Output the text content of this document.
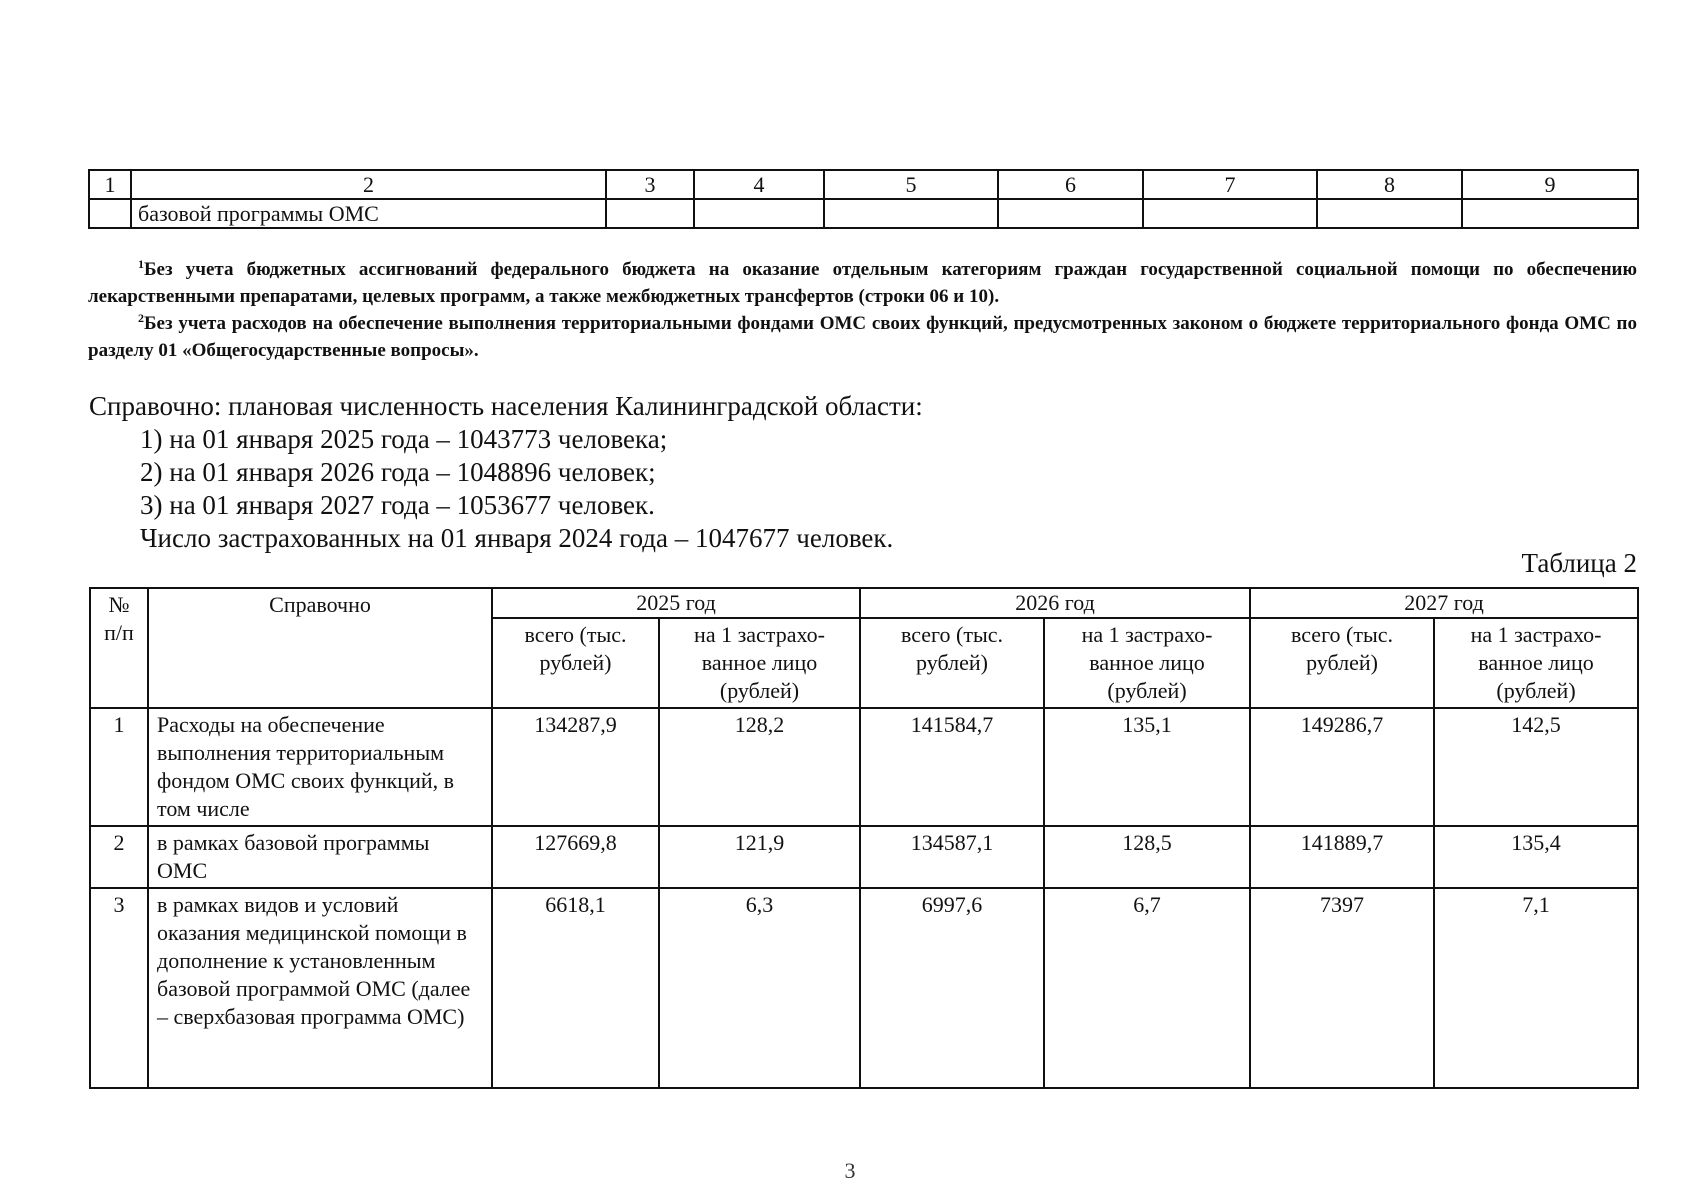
1	2	3	4	5	6	7	8	9
	базовой программы ОМС							
$^1$Без учета бюджетных ассигнований федерального бюджета на оказание отдельным категориям граждан государственной социальной помощи по обеспечению лекарственными препаратами, целевых программ, а также межбюджетных трансфертов (строки 06 и 10).
$^2$Без учета расходов на обеспечение выполнения территориальными фондами ОМС своих функций, предусмотренных законом о бюджете территориального фонда ОМС по разделу 01 «Общегосударственные вопросы».
Справочно: плановая численность населения Калининградской области:
1) на 01 января 2025 года – 1043773 человека;
2) на 01 января 2026 года – 1048896 человек;
3) на 01 января 2027 года – 1053677 человек.
Число застрахованных на 01 января 2024 года – 1047677 человек.
Таблица 2
№ п/п	Справочно	2025 год		2026 год		2027 год	
		всего (тыс. рублей)	на 1 застрахо-ванное лицо (рублей)	всего (тыс. рублей)	на 1 застрахо-ванное лицо (рублей)	всего (тыс. рублей)	на 1 застрахо-ванное лицо (рублей)
1	Расходы на обеспечение выполнения территориальным фондом ОМС своих функций, в том числе	134287,9	128,2	141584,7	135,1	149286,7	142,5
2	в рамках базовой программы ОМС	127669,8	121,9	134587,1	128,5	141889,7	135,4
3	в рамках видов и условий оказания медицинской помощи в дополнение к установленным базовой программой ОМС (далее – сверхбазовая программа ОМС)	6618,1	6,3	6997,6	6,7	7397	7,1
3
